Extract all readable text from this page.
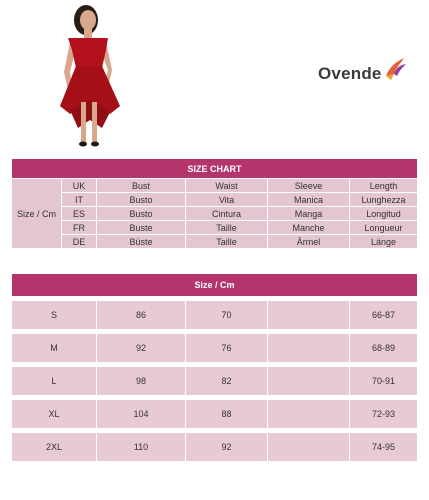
Ovende
SIZE CHART					
Size / Cm	UK	Bust	Waist	Sleeve	Length
	IT	Busto	Vita	Manica	Lunghezza
	ES	Busto	Cintura	Manga	Longitud
	FR	Buste	Taille	Manche	Longueur
	DE	Büste	Taille	Ärmel	Länge
Size / Cm				

S	86	70		66-87

M	92	76		68-89

L	98	82		70-91

XL	104	88		72-93

2XL	110	92		74-95
